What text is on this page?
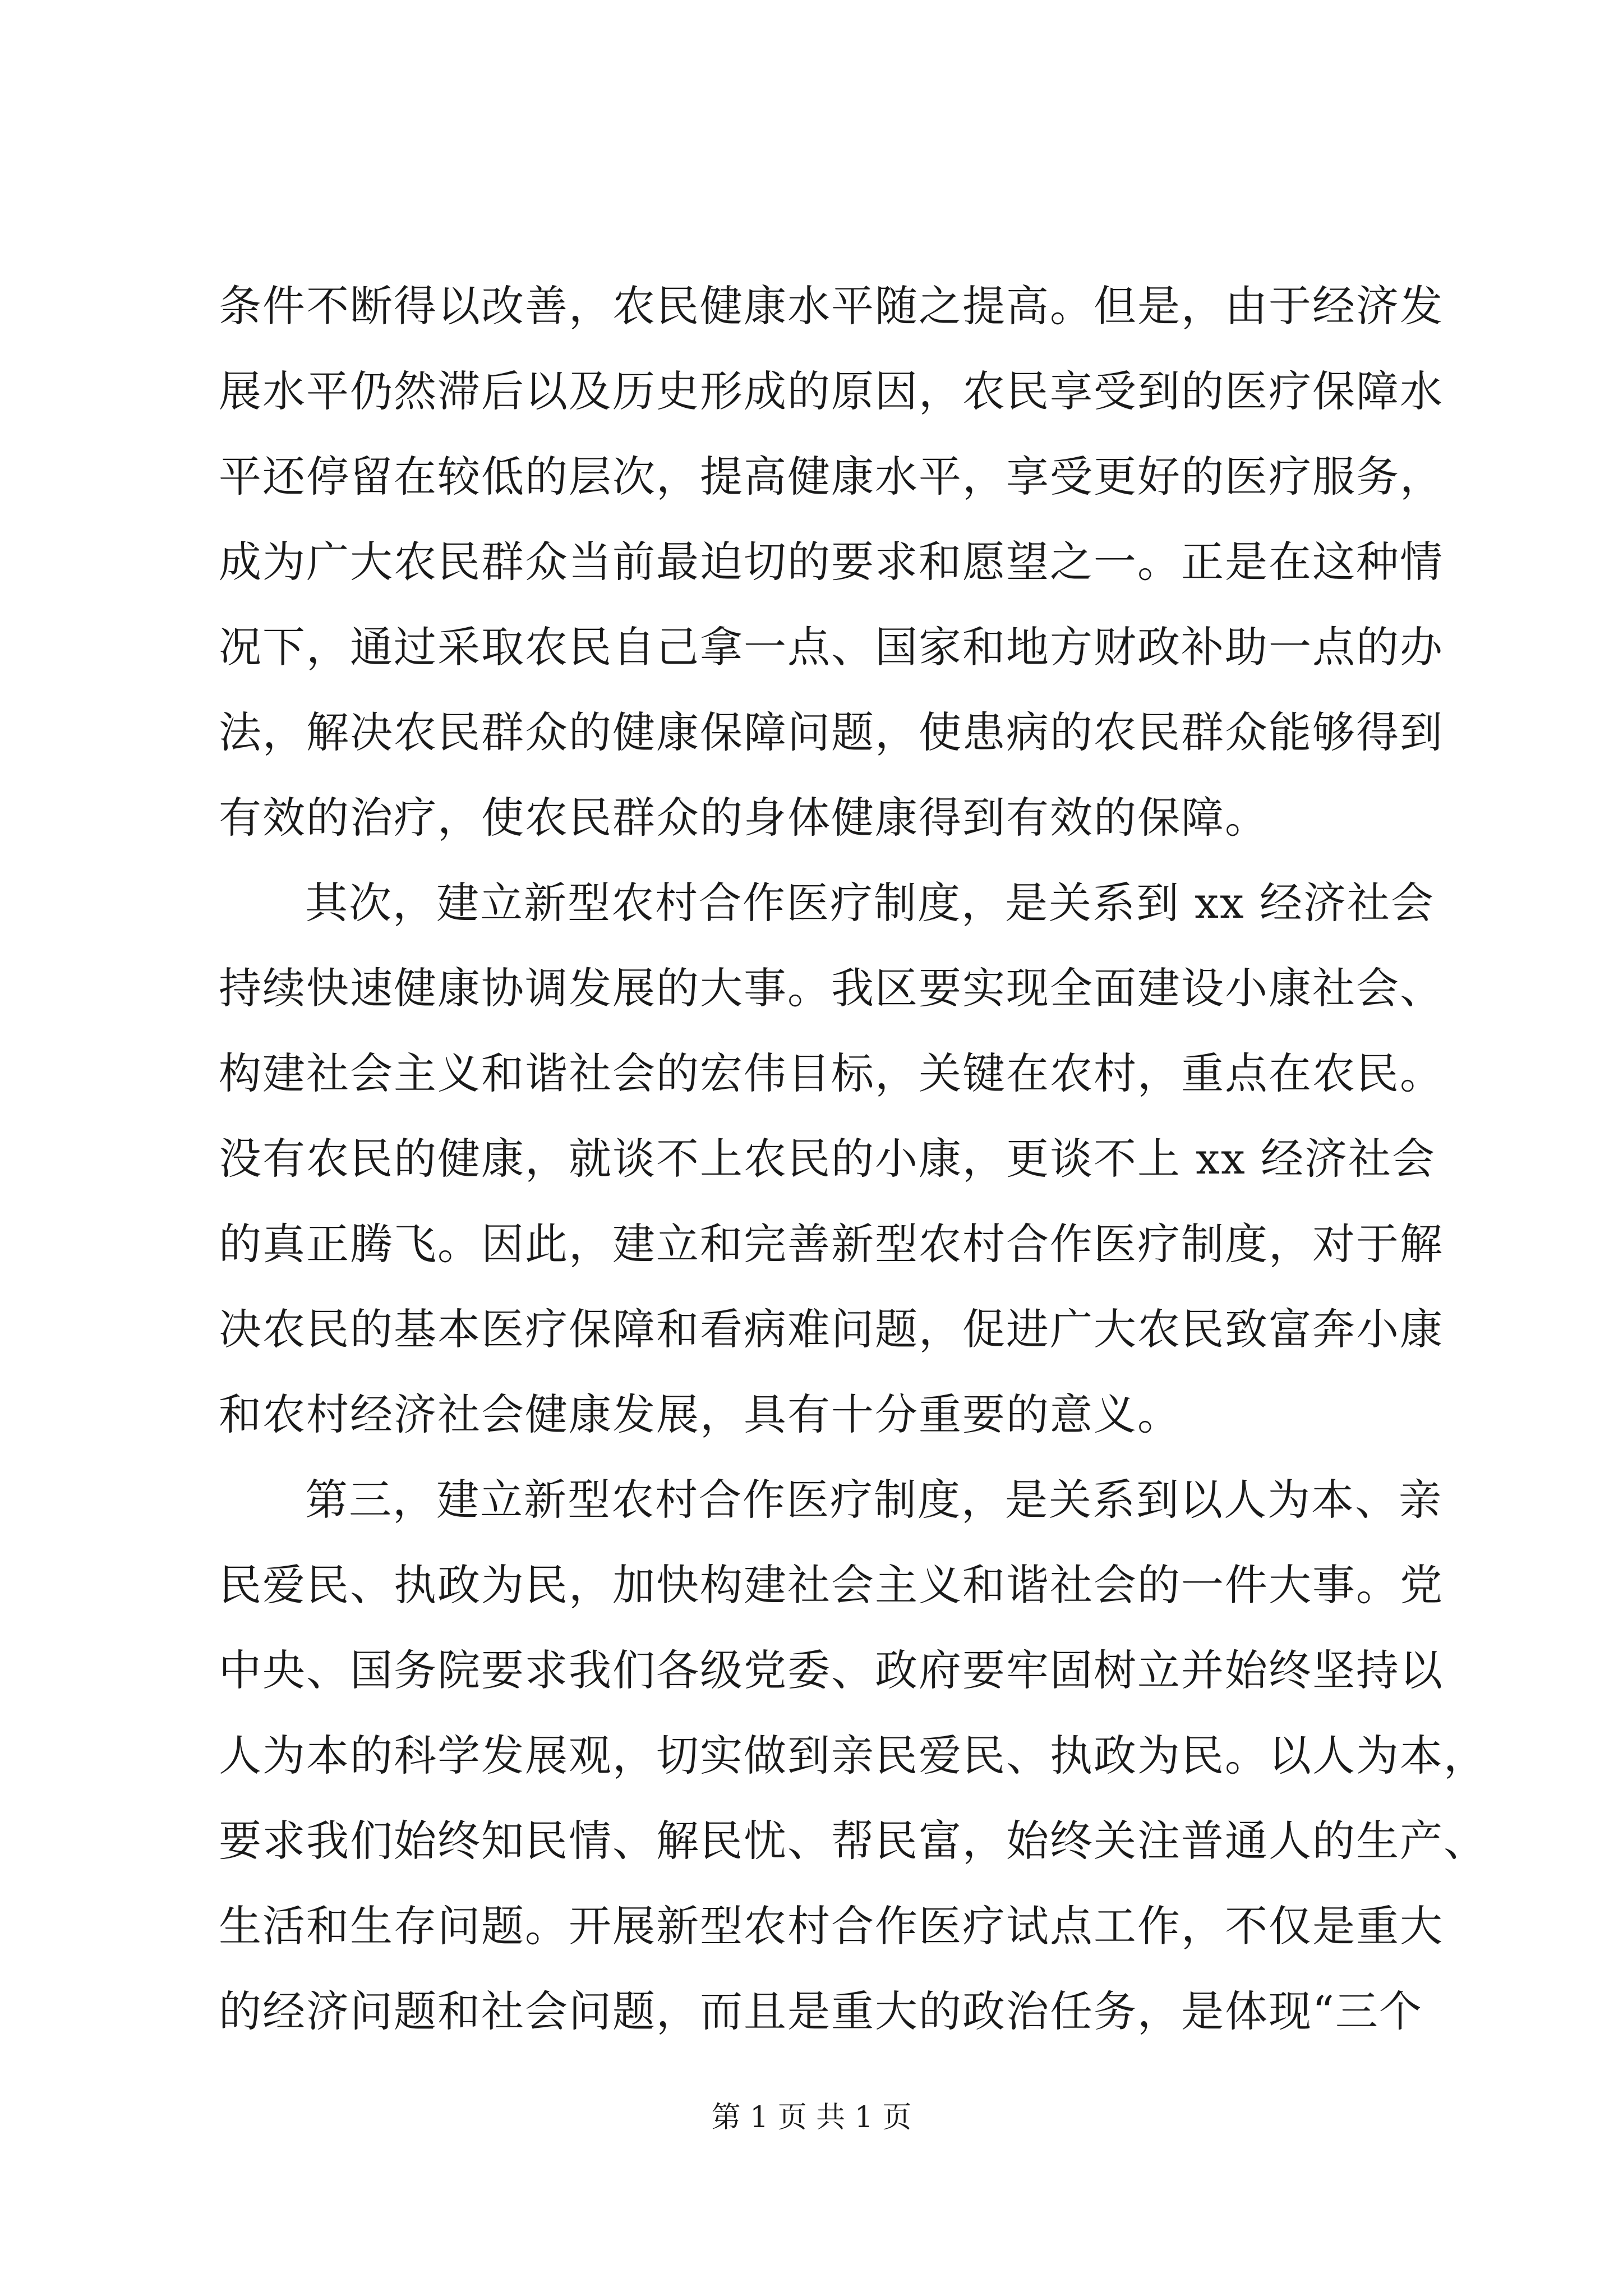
条件不断得以改善，农民健康水平随之提高。但是，由于经济发
展水平仍然滞后以及历史形成的原因，农民享受到的医疗保障水
平还停留在较低的层次，提高健康水平，享受更好的医疗服务，
成为广大农民群众当前最迫切的要求和愿望之一。正是在这种情
况下，通过采取农民自己拿一点、国家和地方财政补助一点的办
法，解决农民群众的健康保障问题，使患病的农民群众能够得到
有效的治疗，使农民群众的身体健康得到有效的保障。
其次，建立新型农村合作医疗制度，是关系到 xx 经济社会
持续快速健康协调发展的大事。我区要实现全面建设小康社会、
构建社会主义和谐社会的宏伟目标，关键在农村，重点在农民。
没有农民的健康，就谈不上农民的小康，更谈不上 xx 经济社会
的真正腾飞。因此，建立和完善新型农村合作医疗制度，对于解
决农民的基本医疗保障和看病难问题，促进广大农民致富奔小康
和农村经济社会健康发展，具有十分重要的意义。
第三，建立新型农村合作医疗制度，是关系到以人为本、亲
民爱民、执政为民，加快构建社会主义和谐社会的一件大事。党
中央、国务院要求我们各级党委、政府要牢固树立并始终坚持以
人为本的科学发展观，切实做到亲民爱民、执政为民。以人为本，
要求我们始终知民情、解民忧、帮民富，始终关注普通人的生产、
生活和生存问题。开展新型农村合作医疗试点工作，不仅是重大
的经济问题和社会问题，而且是重大的政治任务，是体现“三个
第 1 页 共 1 页
